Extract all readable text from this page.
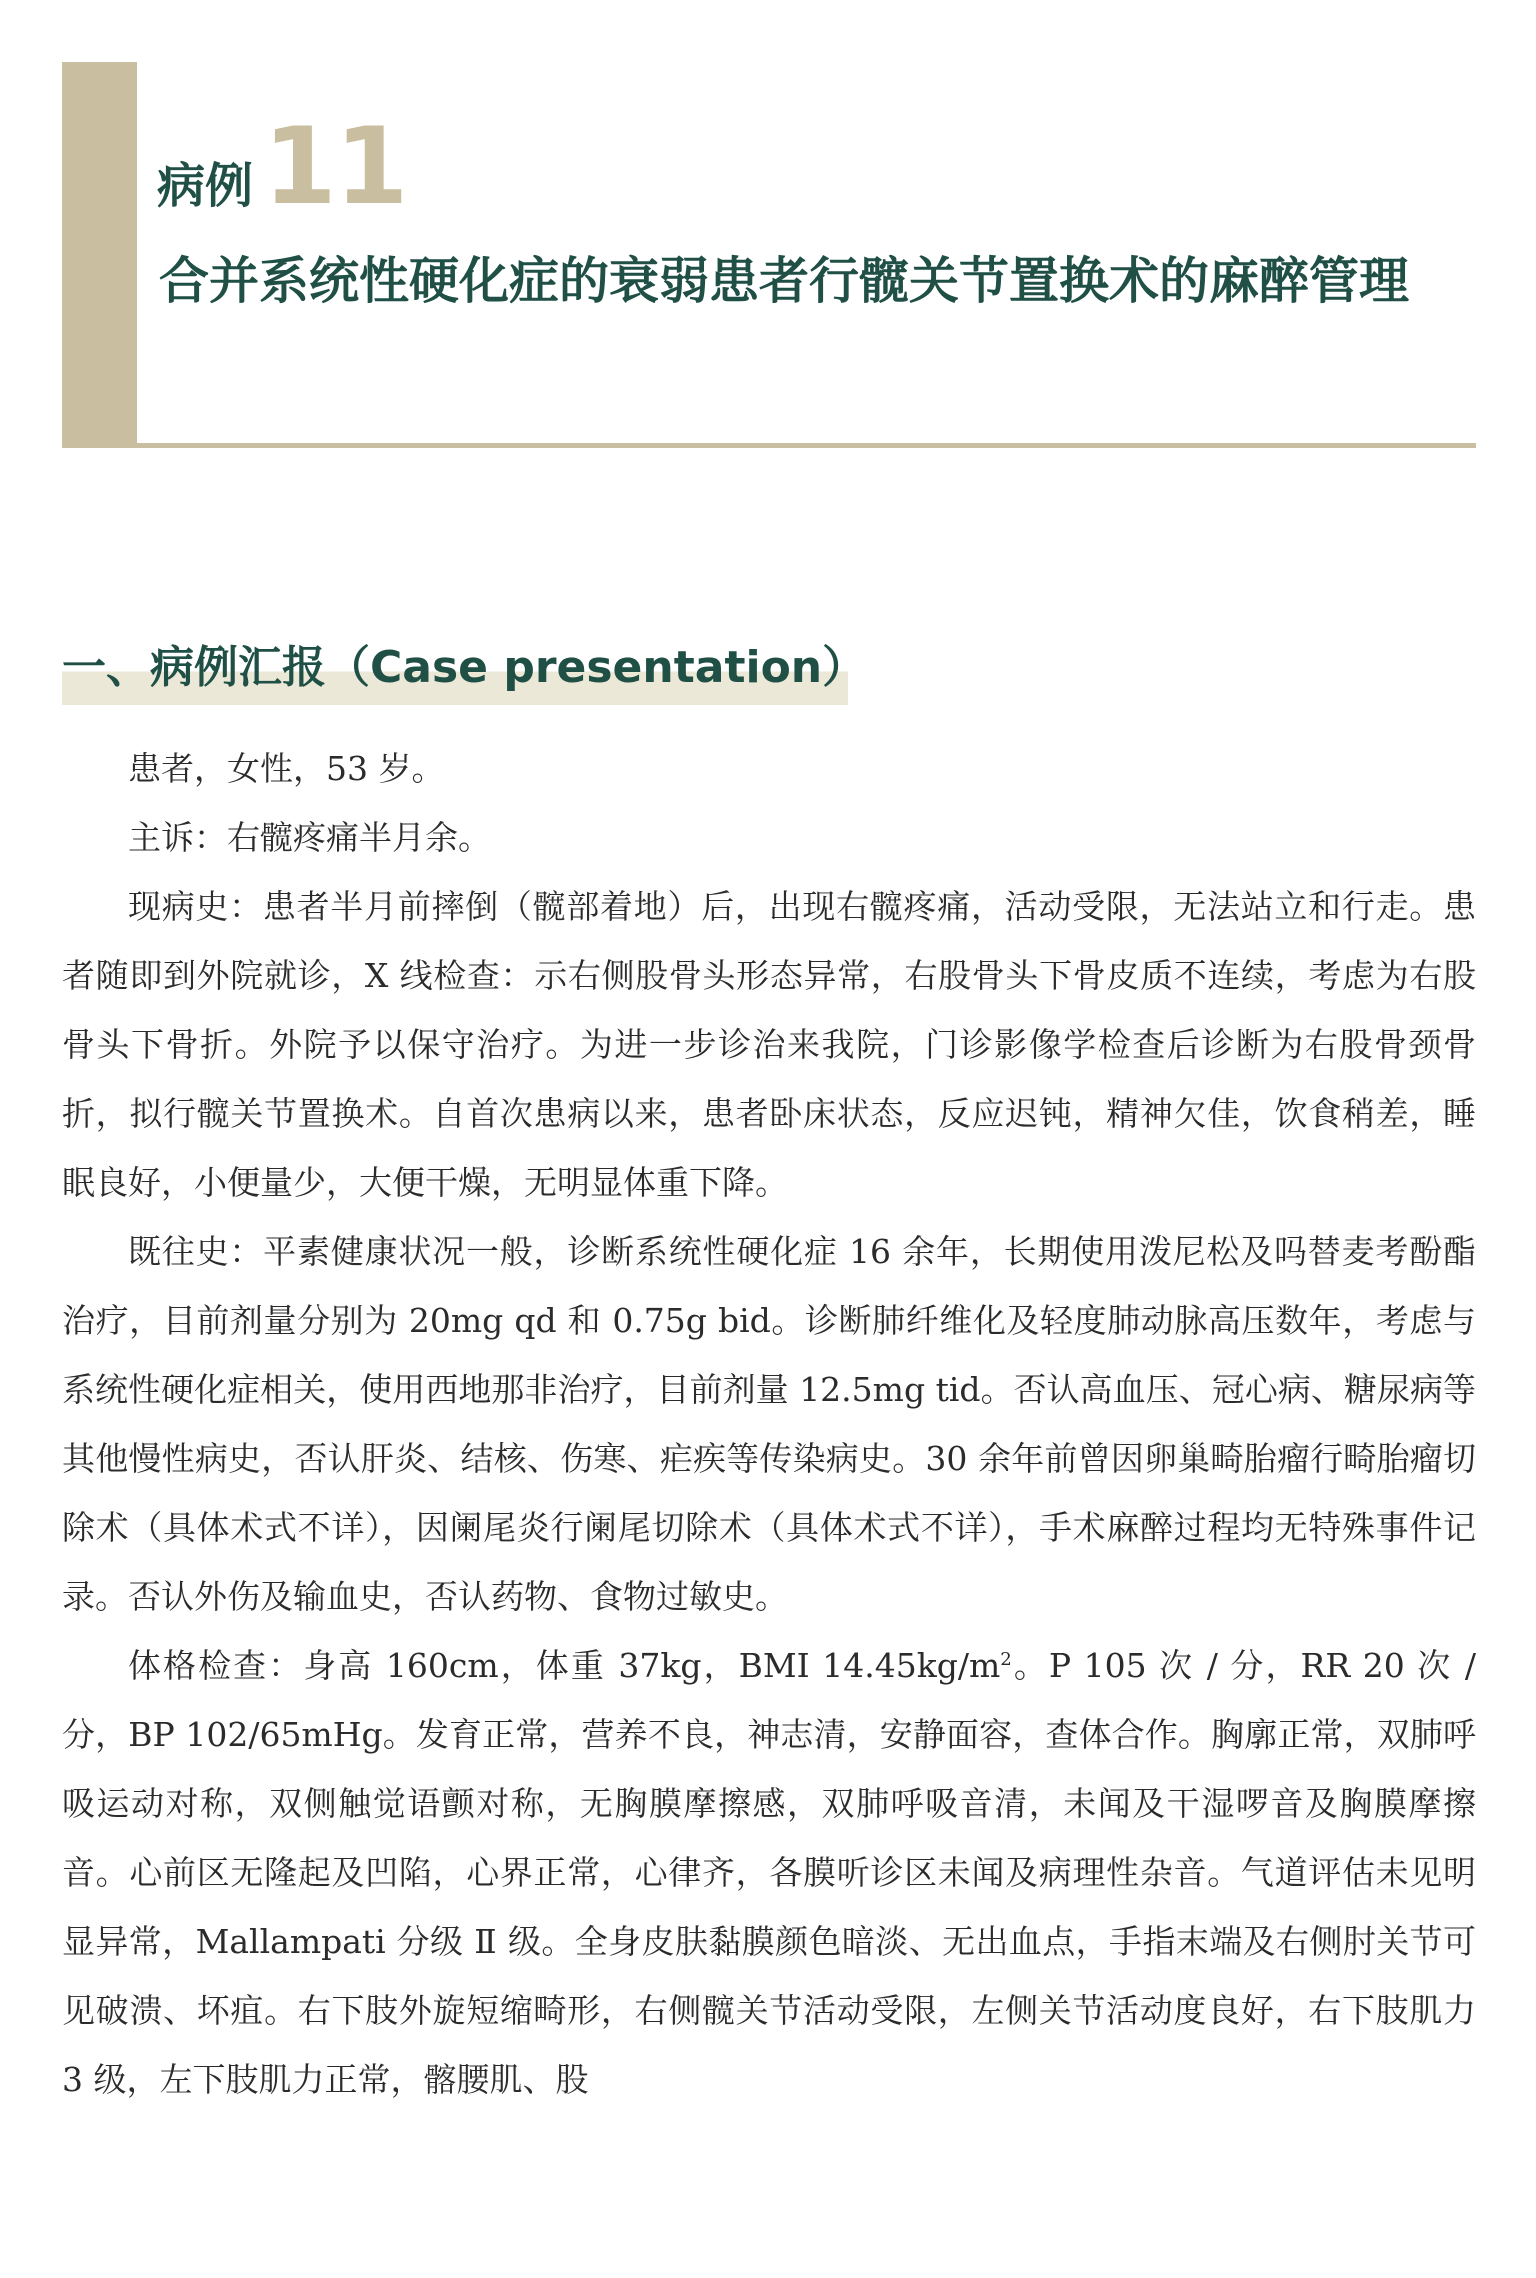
病例 11
合并系统性硬化症的衰弱患者行髋关节置换术的麻醉管理
一、病例汇报（Case presentation）

患者，女性，53 岁。

主诉：右髋疼痛半月余。

现病史：患者半月前摔倒（髋部着地）后，出现右髋疼痛，活动受限，无法站立和行走。患者随即到外院就诊，X 线检查：示右侧股骨头形态异常，右股骨头下骨皮质不连续，考虑为右股骨头下骨折。外院予以保守治疗。为进一步诊治来我院，门诊影像学检查后诊断为右股骨颈骨折，拟行髋关节置换术。自首次患病以来，患者卧床状态，反应迟钝，精神欠佳，饮食稍差，睡眠良好，小便量少，大便干燥，无明显体重下降。

既往史：平素健康状况一般，诊断系统性硬化症 16 余年，长期使用泼尼松及吗替麦考酚酯治疗，目前剂量分别为 20mg qd 和 0.75g bid。诊断肺纤维化及轻度肺动脉高压数年，考虑与系统性硬化症相关，使用西地那非治疗，目前剂量 12.5mg tid。否认高血压、冠心病、糖尿病等其他慢性病史，否认肝炎、结核、伤寒、疟疾等传染病史。30 余年前曾因卵巢畸胎瘤行畸胎瘤切除术（具体术式不详），因阑尾炎行阑尾切除术（具体术式不详），手术麻醉过程均无特殊事件记录。否认外伤及输血史，否认药物、食物过敏史。

体格检查：身高 160cm，体重 37kg，BMI $14.45kg/m^2$。P 105 次 / 分，RR 20 次 / 分，BP 102/65mHg。发育正常，营养不良，神志清，安静面容，查体合作。胸廓正常，双肺呼吸运动对称，双侧触觉语颤对称，无胸膜摩擦感，双肺呼吸音清，未闻及干湿啰音及胸膜摩擦音。心前区无隆起及凹陷，心界正常，心律齐，各膜听诊区未闻及病理性杂音。气道评估未见明显异常，Mallampati 分级 Ⅱ 级。全身皮肤黏膜颜色暗淡、无出血点，手指末端及右侧肘关节可见破溃、坏疽。右下肢外旋短缩畸形，右侧髋关节活动受限，左侧关节活动度良好，右下肢肌力 3 级，左下肢肌力正常，髂腰肌、股
